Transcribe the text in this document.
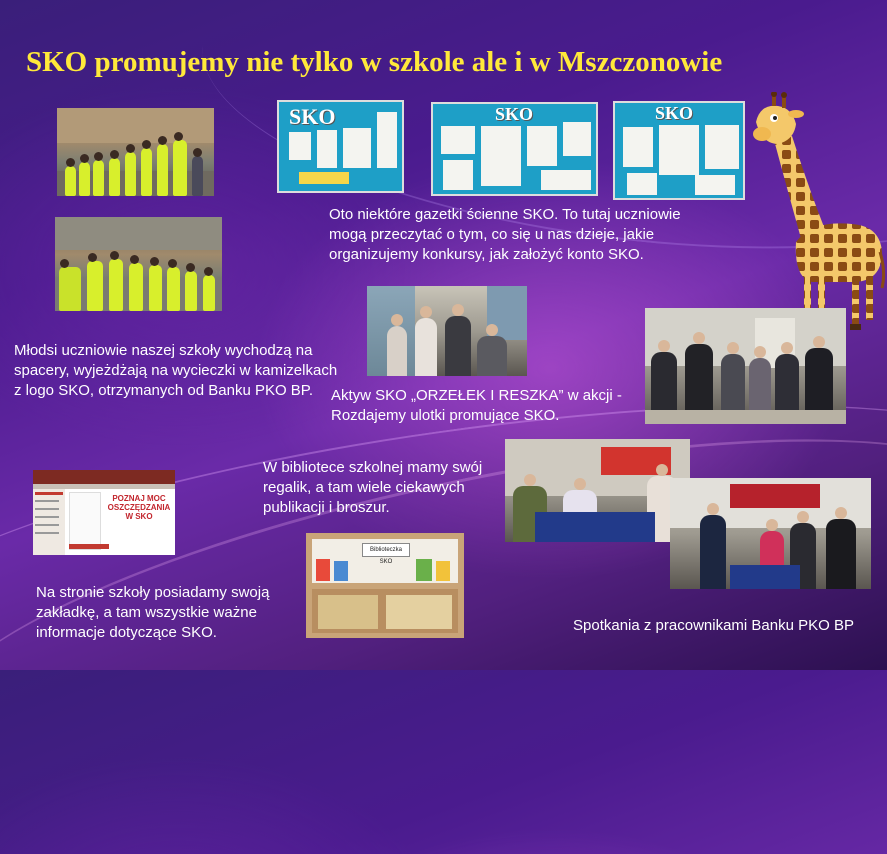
SKO promujemy nie tylko w szkole ale i w Mszczonowie
SKO	SKO	SKO
Oto niektóre gazetki ścienne SKO. To tutaj uczniowie mogą przeczytać o tym, co się u nas dzieje, jakie organizujemy konkursy, jak założyć konto SKO.
Młodsi uczniowie naszej szkoły wychodzą na spacery, wyjeżdżają na wycieczki w kamizelkach z logo SKO, otrzymanych od Banku PKO BP.	Aktyw SKO „ORZEŁEK I RESZKA” w akcji - Rozdajemy ulotki promujące SKO.
W bibliotece szkolnej mamy swój regalik, a tam wiele ciekawych publikacji i broszur.
POZNAJ MOC
OSZCZĘDZANIA
W SKO
Biblioteczka SKO
Na stronie szkoły posiadamy swoją zakładkę, a tam wszystkie ważne informacje dotyczące SKO.	Spotkania z pracownikami Banku PKO BP
